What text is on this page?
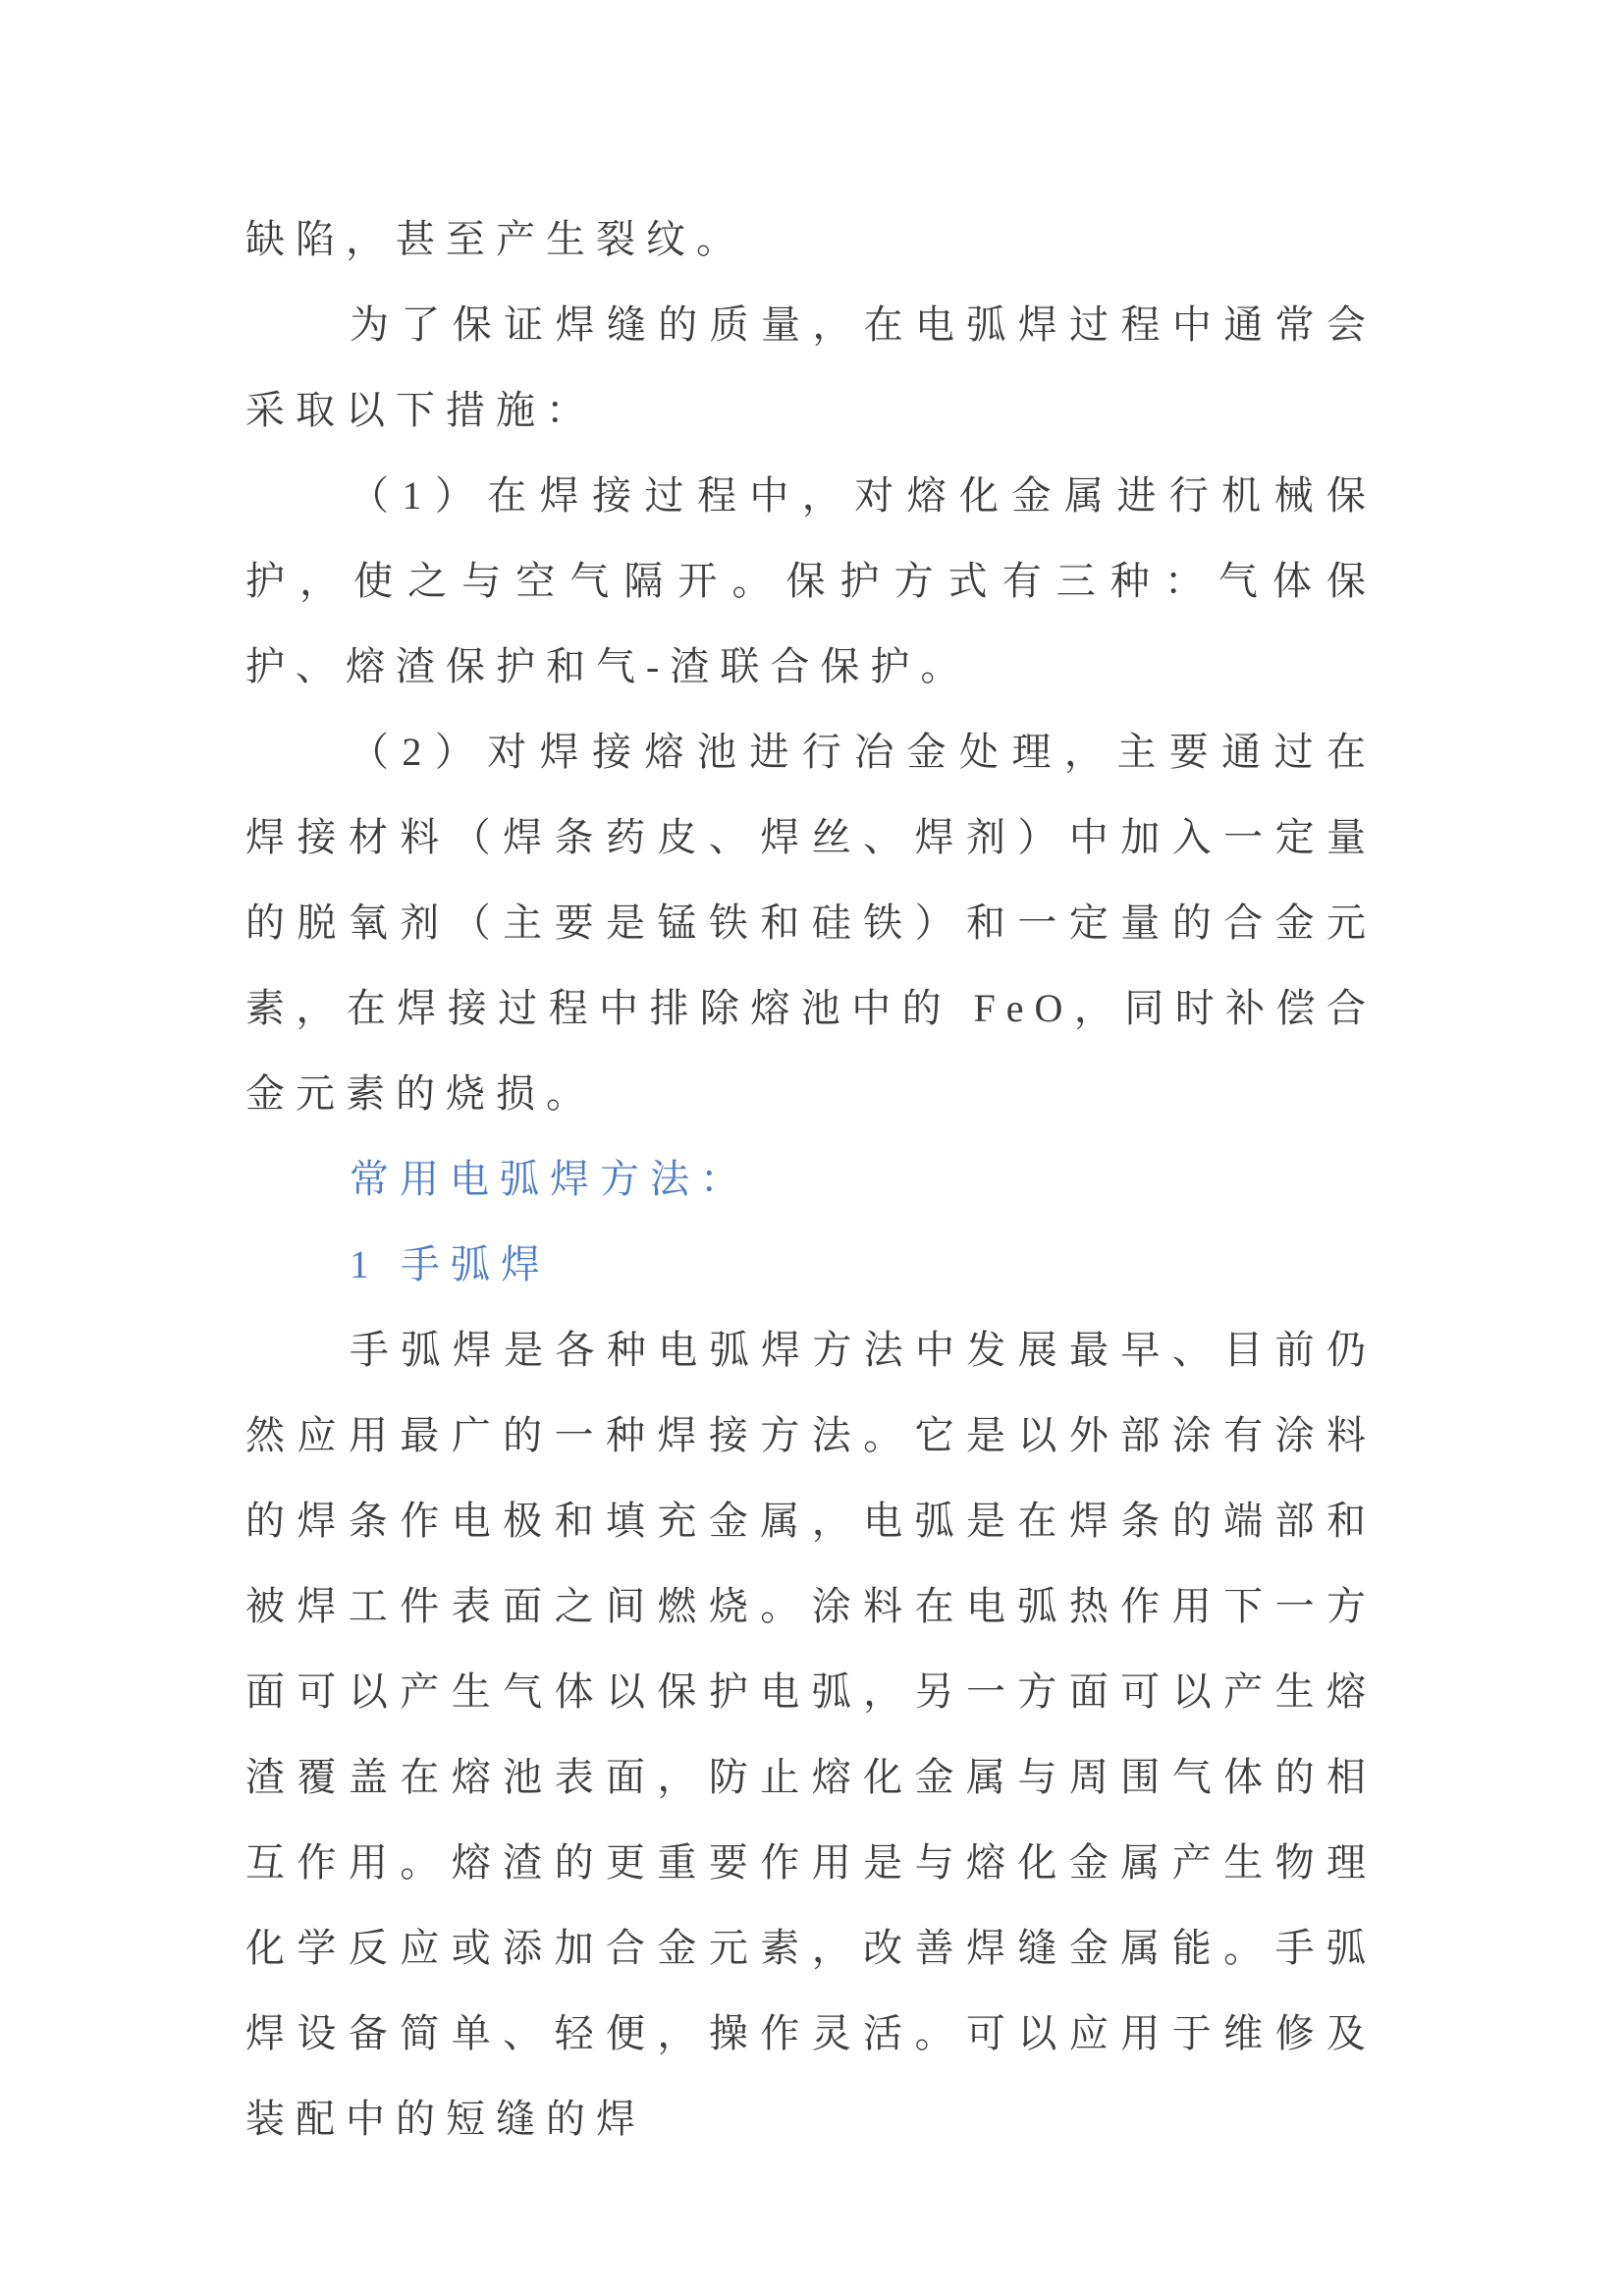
缺陷，甚至产生裂纹。

为了保证焊缝的质量，在电弧焊过程中通常会采取以下措施：

（1）在焊接过程中，对熔化金属进行机械保护，使之与空气隔开。保护方式有三种：气体保护、熔渣保护和气-渣联合保护。

（2）对焊接熔池进行冶金处理，主要通过在焊接材料（焊条药皮、焊丝、焊剂）中加入一定量的脱氧剂（主要是锰铁和硅铁）和一定量的合金元素，在焊接过程中排除熔池中的 FeO，同时补偿合金元素的烧损。

常用电弧焊方法：

1 手弧焊

手弧焊是各种电弧焊方法中发展最早、目前仍然应用最广的一种焊接方法。它是以外部涂有涂料的焊条作电极和填充金属，电弧是在焊条的端部和被焊工件表面之间燃烧。涂料在电弧热作用下一方面可以产生气体以保护电弧，另一方面可以产生熔渣覆盖在熔池表面，防止熔化金属与周围气体的相互作用。熔渣的更重要作用是与熔化金属产生物理化学反应或添加合金元素，改善焊缝金属能。手弧焊设备简单、轻便，操作灵活。可以应用于维修及装配中的短缝的焊
